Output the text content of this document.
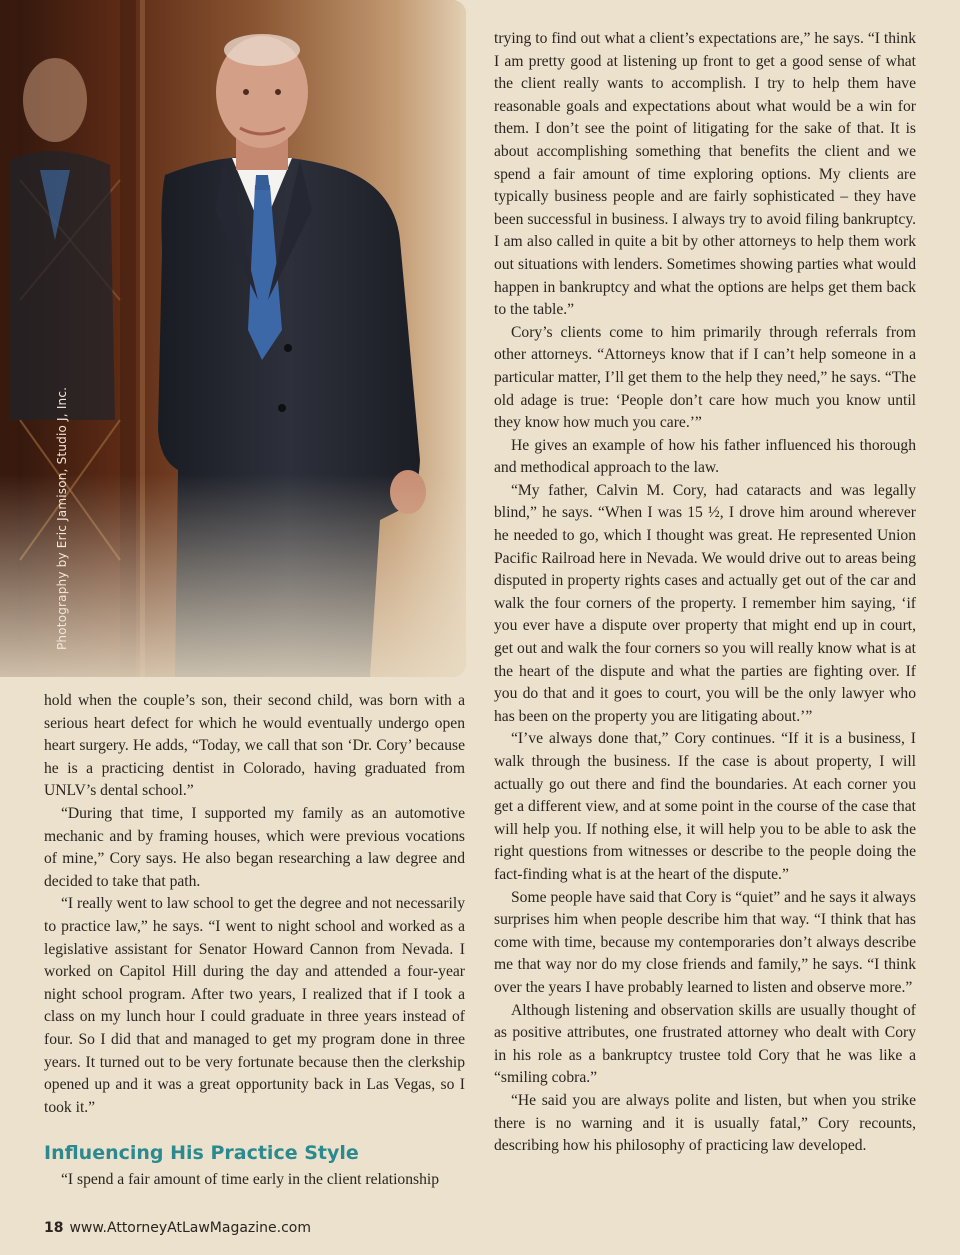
Photography by Eric Jamison, Studio J, Inc.

hold when the couple’s son, their second child, was born with a serious heart defect for which he would eventually undergo open heart surgery. He adds, “Today, we call that son ‘Dr. Cory’ because he is a practicing dentist in Colorado, having graduated from UNLV’s dental school.”

“During that time, I supported my family as an automotive mechanic and by framing houses, which were previous vocations of mine,” Cory says. He also began researching a law degree and decided to take that path.

“I really went to law school to get the degree and not necessarily to practice law,” he says. “I went to night school and worked as a legislative assistant for Senator Howard Cannon from Nevada. I worked on Capitol Hill during the day and attended a four-year night school program. After two years, I realized that if I took a class on my lunch hour I could graduate in three years instead of four. So I did that and managed to get my program done in three years. It turned out to be very fortunate because then the clerkship opened up and it was a great opportunity back in Las Vegas, so I took it.”

Influencing His Practice Style

“I spend a fair amount of time early in the client relationship

trying to find out what a client’s expectations are,” he says. “I think I am pretty good at listening up front to get a good sense of what the client really wants to accomplish. I try to help them have reasonable goals and expectations about what would be a win for them. I don’t see the point of litigating for the sake of that. It is about accomplishing something that benefits the client and we spend a fair amount of time exploring options. My clients are typically business people and are fairly sophisticated – they have been successful in business. I always try to avoid filing bankruptcy. I am also called in quite a bit by other attorneys to help them work out situations with lenders. Sometimes showing parties what would happen in bankruptcy and what the options are helps get them back to the table.”

Cory’s clients come to him primarily through referrals from other attorneys. “Attorneys know that if I can’t help someone in a particular matter, I’ll get them to the help they need,” he says. “The old adage is true: ‘People don’t care how much you know until they know how much you care.’”

He gives an example of how his father influenced his thorough and methodical approach to the law.

“My father, Calvin M. Cory, had cataracts and was legally blind,” he says. “When I was 15 ½, I drove him around wherever he needed to go, which I thought was great. He represented Union Pacific Railroad here in Nevada. We would drive out to areas being disputed in property rights cases and actually get out of the car and walk the four corners of the property. I remember him saying, ‘if you ever have a dispute over property that might end up in court, get out and walk the four corners so you will really know what is at the heart of the dispute and what the parties are fighting over. If you do that and it goes to court, you will be the only lawyer who has been on the property you are litigating about.’”

“I’ve always done that,” Cory continues. “If it is a business, I walk through the business. If the case is about property, I will actually go out there and find the boundaries. At each corner you get a different view, and at some point in the course of the case that will help you. If nothing else, it will help you to be able to ask the right questions from witnesses or describe to the people doing the fact-finding what is at the heart of the dispute.”

Some people have said that Cory is “quiet” and he says it always surprises him when people describe him that way. “I think that has come with time, because my contemporaries don’t always describe me that way nor do my close friends and family,” he says. “I think over the years I have probably learned to listen and observe more.”

Although listening and observation skills are usually thought of as positive attributes, one frustrated attorney who dealt with Cory in his role as a bankruptcy trustee told Cory that he was like a “smiling cobra.”

“He said you are always polite and listen, but when you strike there is no warning and it is usually fatal,” Cory recounts, describing how his philosophy of practicing law developed.

18 www.AttorneyAtLawMagazine.com
